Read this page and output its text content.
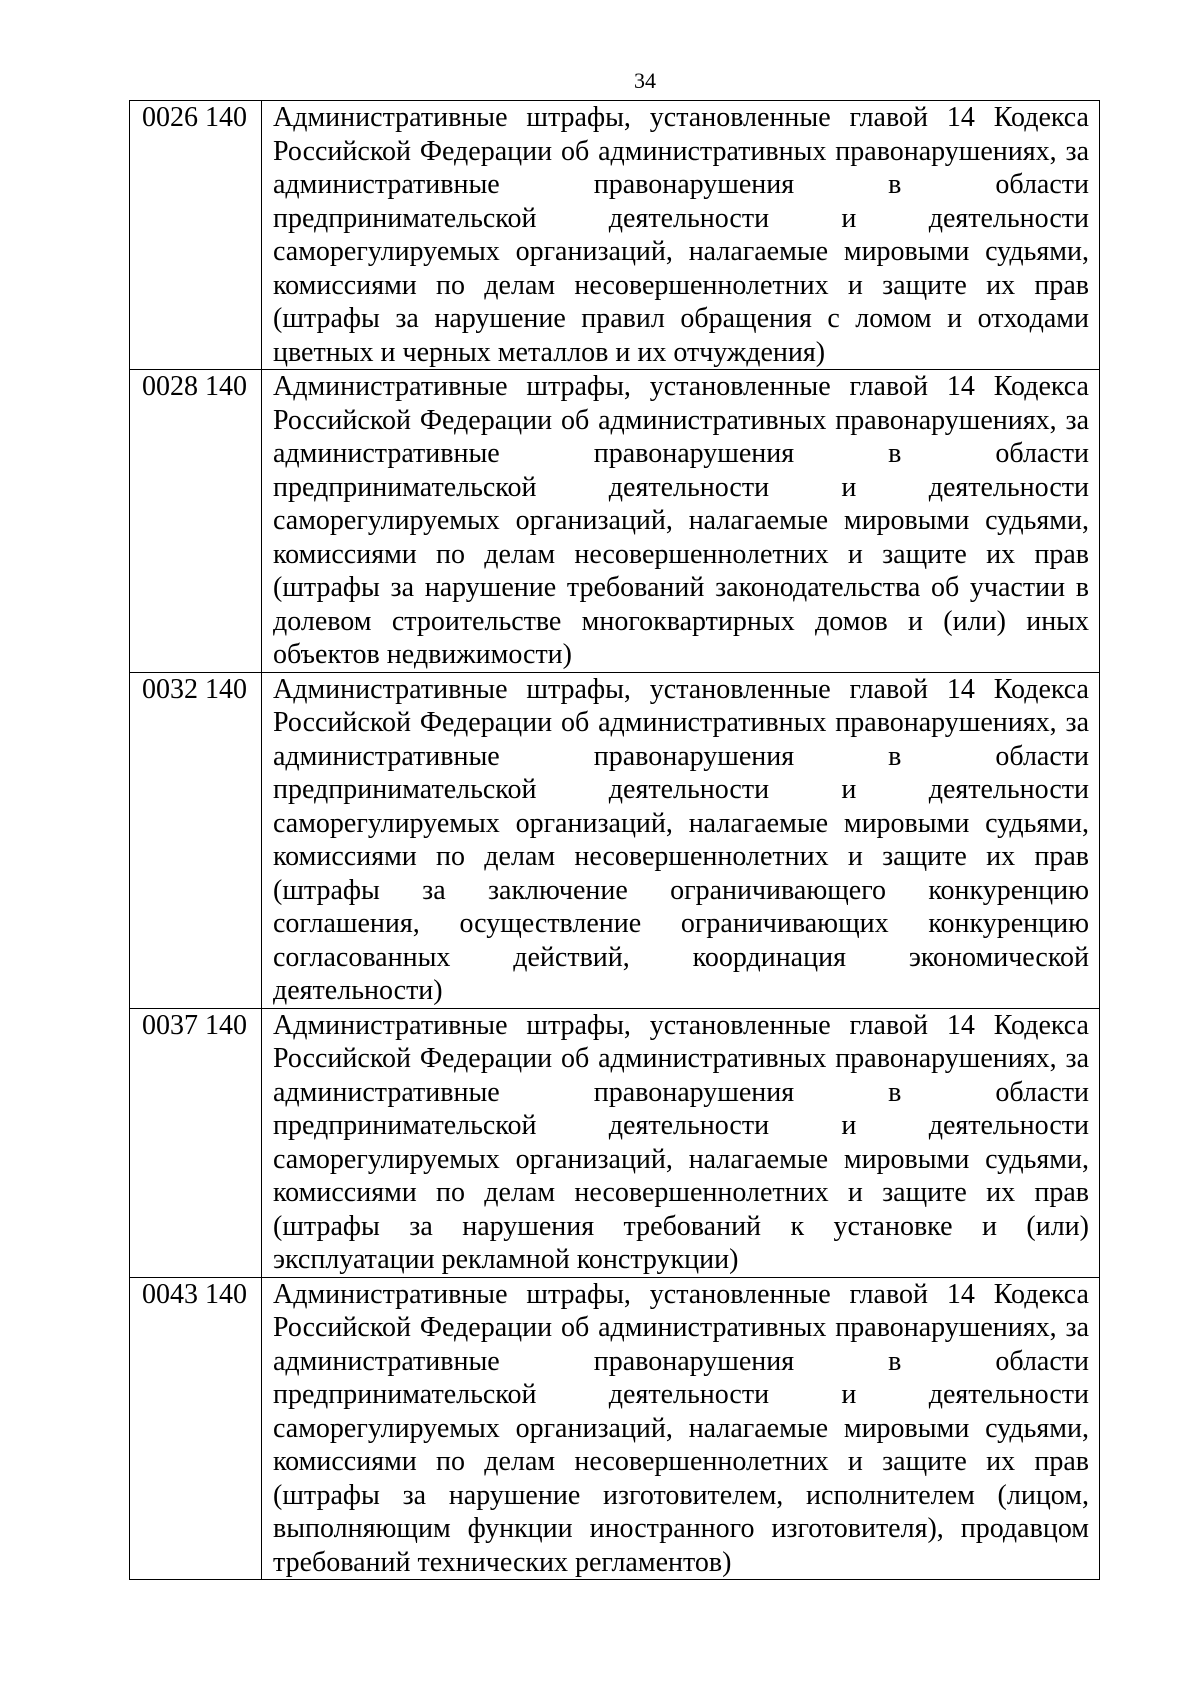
34
0026 140	Административные штрафы, установленные главой 14 Кодекса Российской Федерации об административных правонарушениях, за административные правонарушения в области предпринимательской деятельности и деятельности саморегулируемых организаций, налагаемые мировыми судьями, комиссиями по делам несовершеннолетних и защите их прав (штрафы за нарушение правил обращения с ломом и отходами цветных и черных металлов и их отчуждения)
0028 140	Административные штрафы, установленные главой 14 Кодекса Российской Федерации об административных правонарушениях, за административные правонарушения в области предпринимательской деятельности и деятельности саморегулируемых организаций, налагаемые мировыми судьями, комиссиями по делам несовершеннолетних и защите их прав (штрафы за нарушение требований законодательства об участии в долевом строительстве многоквартирных домов и (или) иных объектов недвижимости)
0032 140	Административные штрафы, установленные главой 14 Кодекса Российской Федерации об административных правонарушениях, за административные правонарушения в области предпринимательской деятельности и деятельности саморегулируемых организаций, налагаемые мировыми судьями, комиссиями по делам несовершеннолетних и защите их прав (штрафы за заключение ограничивающего конкуренцию соглашения, осуществление ограничивающих конкуренцию согласованных действий, координация экономической деятельности)
0037 140	Административные штрафы, установленные главой 14 Кодекса Российской Федерации об административных правонарушениях, за административные правонарушения в области предпринимательской деятельности и деятельности саморегулируемых организаций, налагаемые мировыми судьями, комиссиями по делам несовершеннолетних и защите их прав (штрафы за нарушения требований к установке и (или) эксплуатации рекламной конструкции)
0043 140	Административные штрафы, установленные главой 14 Кодекса Российской Федерации об административных правонарушениях, за административные правонарушения в области предпринимательской деятельности и деятельности саморегулируемых организаций, налагаемые мировыми судьями, комиссиями по делам несовершеннолетних и защите их прав (штрафы за нарушение изготовителем, исполнителем (лицом, выполняющим функции иностранного изготовителя), продавцом требований технических регламентов)
